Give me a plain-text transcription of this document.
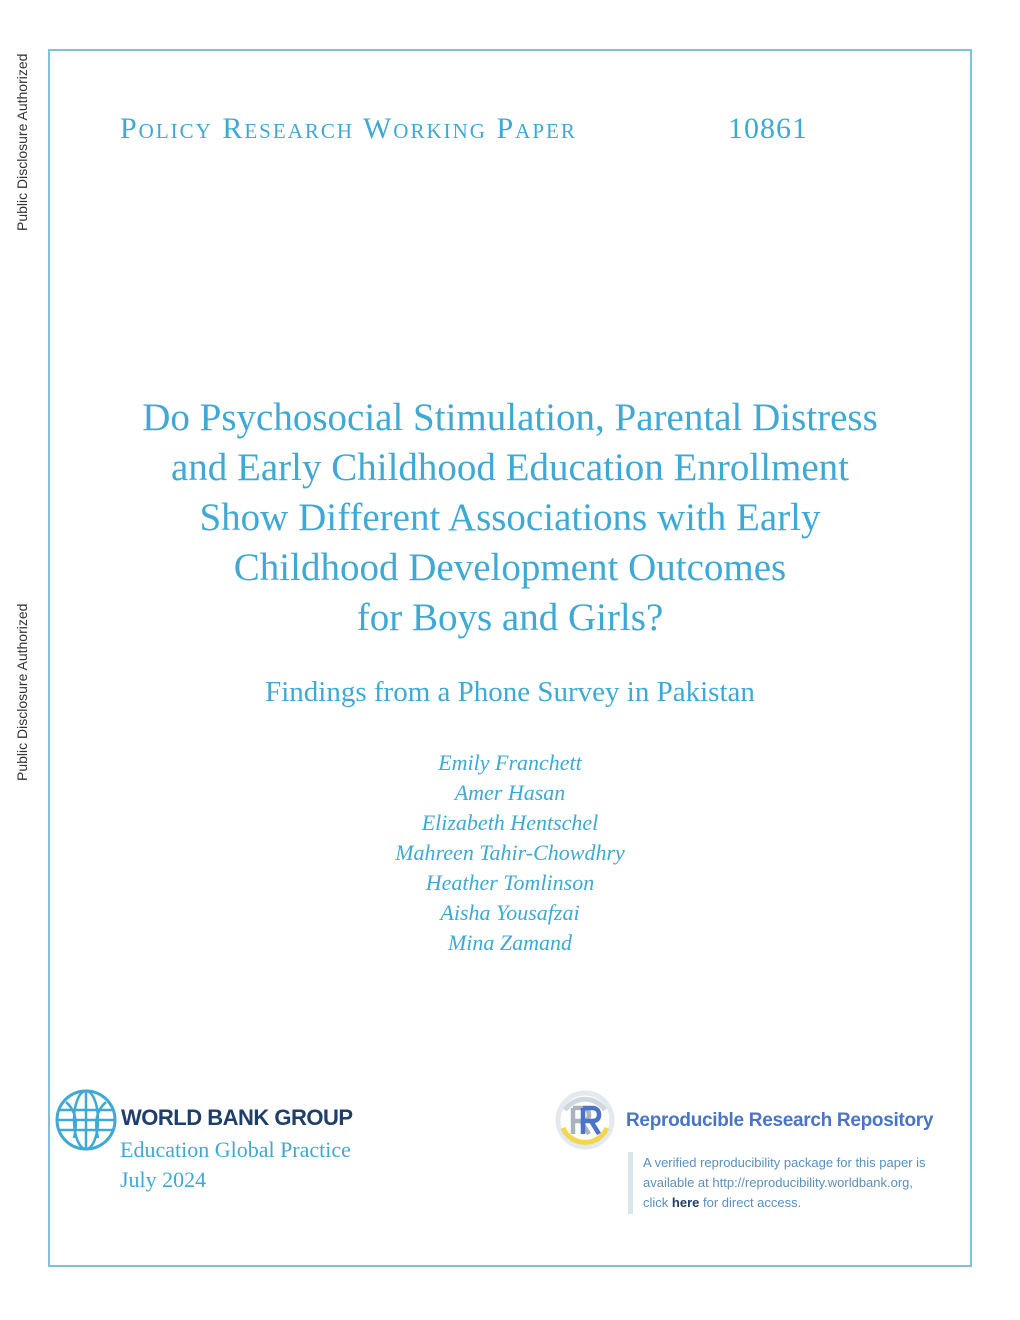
Public Disclosure Authorized
Public Disclosure Authorized
Policy Research Working Paper	10861
Do Psychosocial Stimulation, Parental Distress
and Early Childhood Education Enrollment
Show Different Associations with Early
Childhood Development Outcomes
for Boys and Girls?
Findings from a Phone Survey in Pakistan
Emily Franchett
Amer Hasan
Elizabeth Hentschel
Mahreen Tahir-Chowdhry
Heather Tomlinson
Aisha Yousafzai
Mina Zamand
WORLD BANK GROUP
Education Global Practice
July 2024
Reproducible Research Repository
A verified reproducibility package for this paper is
available at http://reproducibility.worldbank.org,
click here for direct access.
